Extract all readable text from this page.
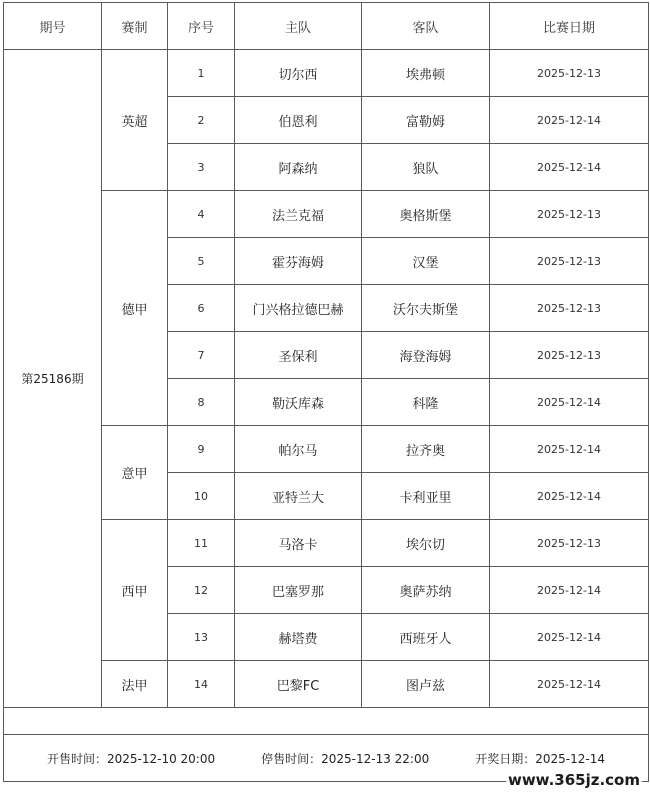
期号	赛制	序号	主队	客队	比赛日期
第25186期	英超	1	切尔西	埃弗顿	2025-12-13
		2	伯恩利	富勒姆	2025-12-14
		3	阿森纳	狼队	2025-12-14
	德甲	4	法兰克福	奥格斯堡	2025-12-13
		5	霍芬海姆	汉堡	2025-12-13
		6	门兴格拉德巴赫	沃尔夫斯堡	2025-12-13
		7	圣保利	海登海姆	2025-12-13
		8	勒沃库森	科隆	2025-12-14
	意甲	9	帕尔马	拉齐奥	2025-12-14
		10	亚特兰大	卡利亚里	2025-12-14
	西甲	11	马洛卡	埃尔切	2025-12-13
		12	巴塞罗那	奥萨苏纳	2025-12-14
		13	赫塔费	西班牙人	2025-12-14
	法甲	14	巴黎FC	图卢兹	2025-12-14

开售时间：2025-12-10 20:00 停售时间：2025-12-13 22:00 开奖日期：2025-12-14					
www.365jz.com
